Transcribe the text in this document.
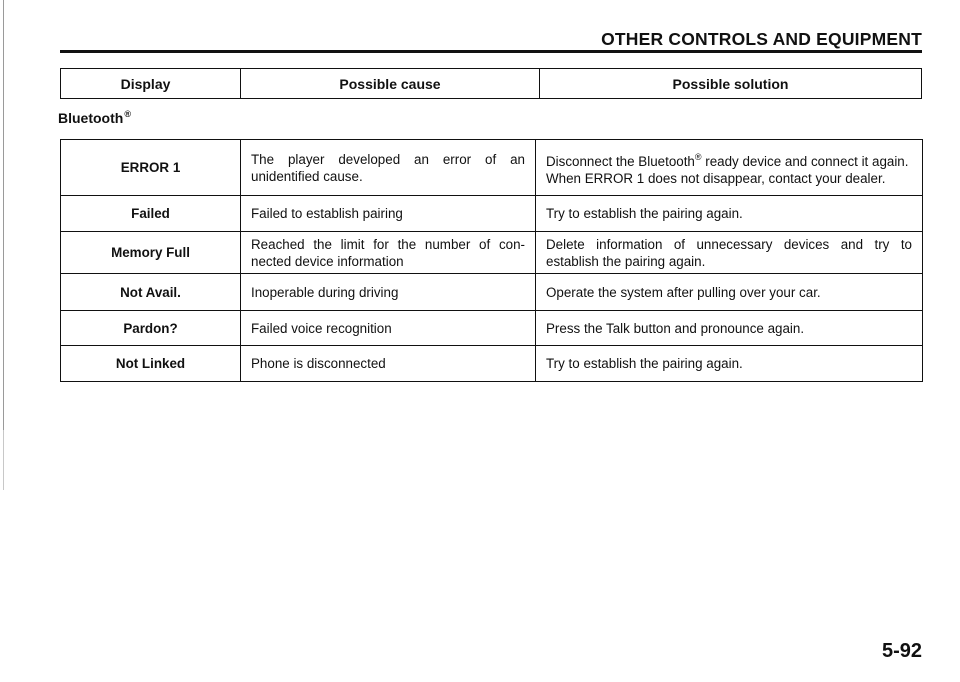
OTHER CONTROLS AND EQUIPMENT
Display	Possible cause	Possible solution
Bluetooth®
ERROR 1	The player developed an error of an unidentified cause.	Disconnect the Bluetooth® ready device and connect it again.
When ERROR 1 does not disappear, contact your dealer.
Failed	Failed to establish pairing	Try to establish the pairing again.
Memory Full	Reached the limit for the number of con-nected device information	Delete information of unnecessary devices and try to establish the pairing again.
Not Avail.	Inoperable during driving	Operate the system after pulling over your car.
Pardon?	Failed voice recognition	Press the Talk button and pronounce again.
Not Linked	Phone is disconnected	Try to establish the pairing again.
5-92
